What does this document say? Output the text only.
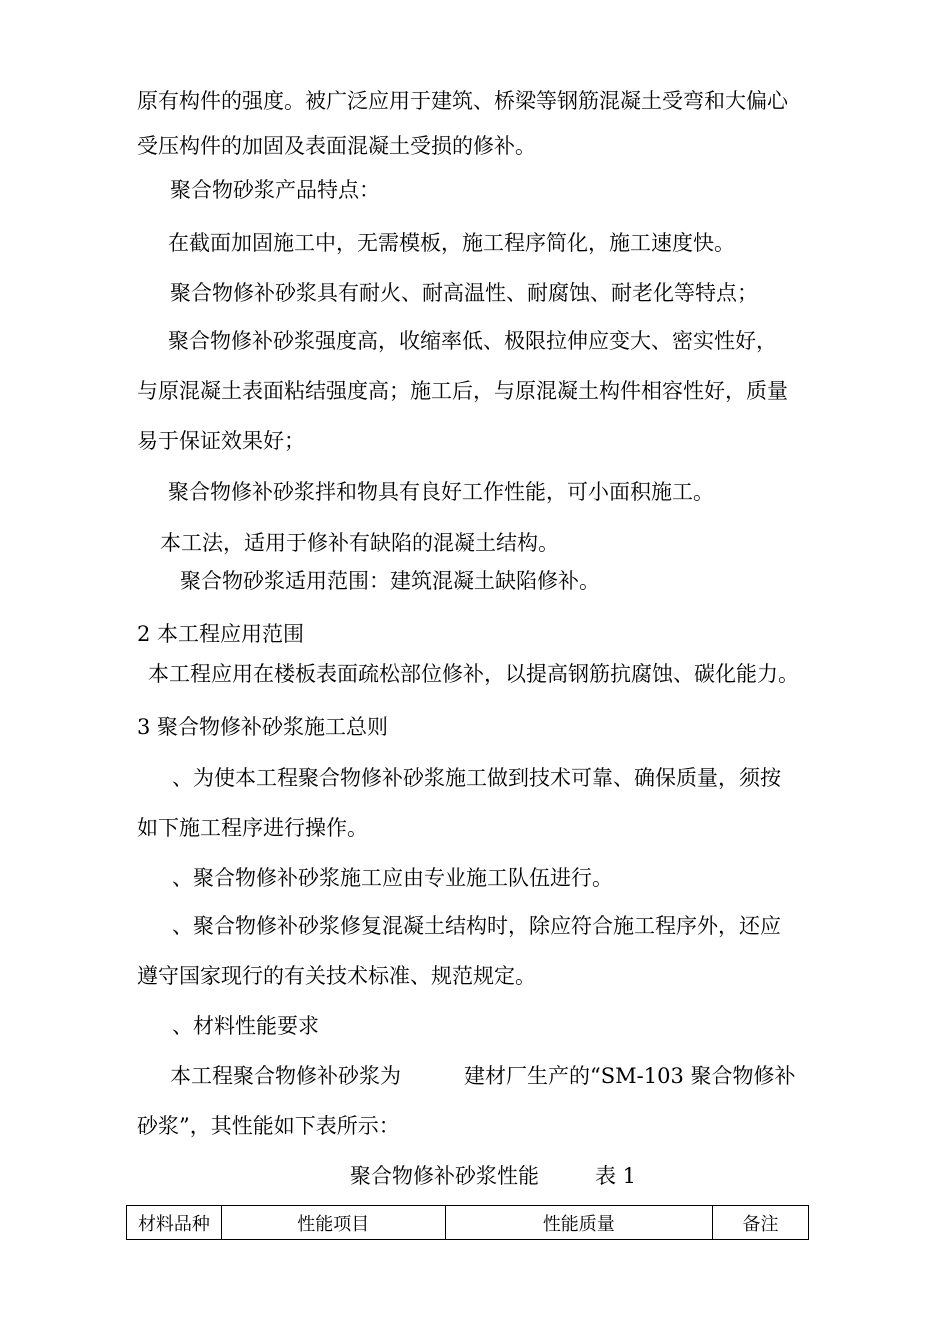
原有构件的强度。被广泛应用于建筑、桥梁等钢筋混凝土受弯和大偏心
受压构件的加固及表面混凝土受损的修补。
聚合物砂浆产品特点：
在截面加固施工中，无需模板，施工程序简化，施工速度快。
聚合物修补砂浆具有耐火、耐高温性、耐腐蚀、耐老化等特点；
聚合物修补砂浆强度高，收缩率低、极限拉伸应变大、密实性好，
与原混凝土表面粘结强度高；施工后，与原混凝土构件相容性好，质量
易于保证效果好；
聚合物修补砂浆拌和物具有良好工作性能，可小面积施工。
本工法，适用于修补有缺陷的混凝土结构。
聚合物砂浆适用范围：建筑混凝土缺陷修补。
2 本工程应用范围
本工程应用在楼板表面疏松部位修补，以提高钢筋抗腐蚀、碳化能力。
3 聚合物修补砂浆施工总则
、为使本工程聚合物修补砂浆施工做到技术可靠、确保质量，须按
如下施工程序进行操作。
、聚合物修补砂浆施工应由专业施工队伍进行。
、聚合物修补砂浆修复混凝土结构时，除应符合施工程序外，还应
遵守国家现行的有关技术标准、规范规定。
、材料性能要求
本工程聚合物修补砂浆为　　　建材厂生产的“SM-103 聚合物修补
砂浆”，其性能如下表所示：
聚合物修补砂浆性能	表 1
材料品种	性能项目	性能质量	备注
